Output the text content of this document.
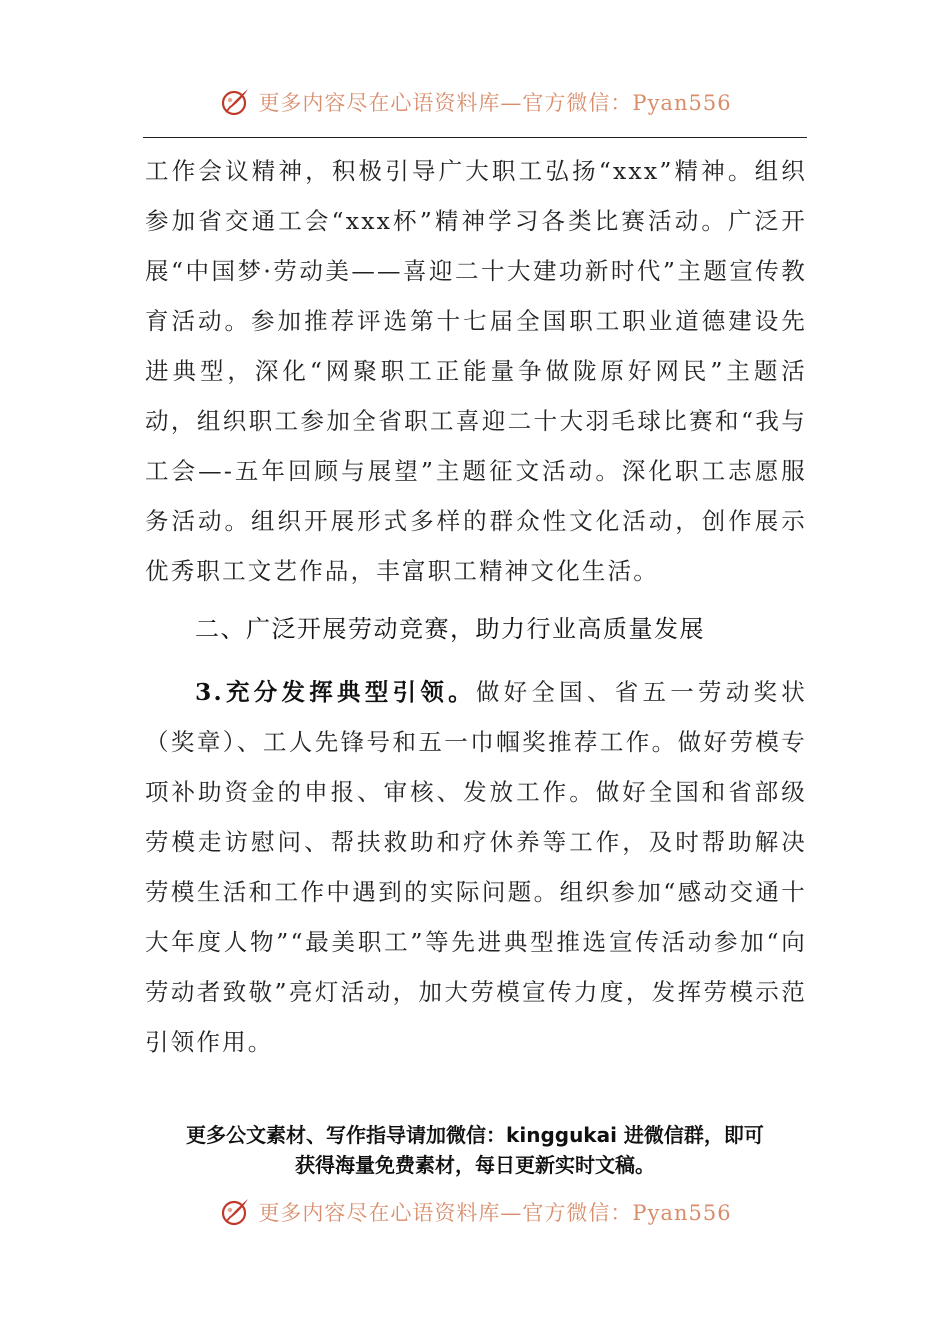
更多内容尽在心语资料库—官方微信：Pyan556

工作会议精神，积极引导广大职工弘扬“xxx”精神。组织参加省交通工会“xxx杯”精神学习各类比赛活动。广泛开展“中国梦·劳动美——喜迎二十大建功新时代”主题宣传教育活动。参加推荐评选第十七届全国职工职业道德建设先进典型，深化“网聚职工正能量争做陇原好网民”主题活动，组织职工参加全省职工喜迎二十大羽毛球比赛和“我与工会—-五年回顾与展望”主题征文活动。深化职工志愿服务活动。组织开展形式多样的群众性文化活动，创作展示优秀职工文艺作品，丰富职工精神文化生活。

二、广泛开展劳动竞赛，助力行业高质量发展

3.充分发挥典型引领。做好全国、省五一劳动奖状（奖章）、工人先锋号和五一巾帼奖推荐工作。做好劳模专项补助资金的申报、审核、发放工作。做好全国和省部级劳模走访慰问、帮扶救助和疗休养等工作，及时帮助解决劳模生活和工作中遇到的实际问题。组织参加“感动交通十大年度人物”“最美职工”等先进典型推选宣传活动参加“向劳动者致敬”亮灯活动，加大劳模宣传力度，发挥劳模示范引领作用。

更多公文素材、写作指导请加微信：kinggukai 进微信群，即可
获得海量免费素材，每日更新实时文稿。
更多内容尽在心语资料库—官方微信：Pyan556
